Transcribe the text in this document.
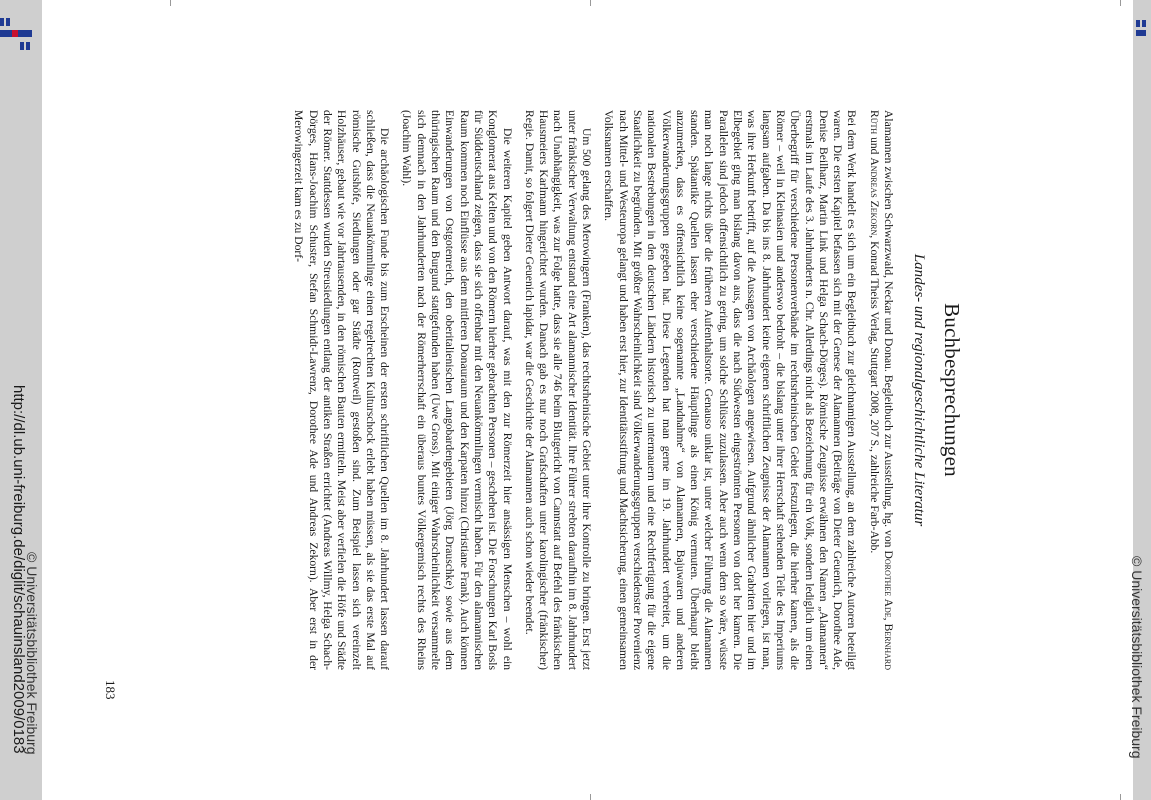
http://dl.ub.uni-freiburg.de/diglit/schauinsland2009/0183
© Universitätsbibliothek Freiburg	© Universitätsbibliothek Freiburg
Buchbesprechungen
Landes- und regionalgeschichtliche Literatur

Alamannen zwischen Schwarzwald, Neckar und Donau. Begleitbuch zur Ausstellung, hg. von Dorothee Ade, Bernhard Rüth und Andreas Zekorn, Konrad Theiss Verlag, Stuttgart 2008, 207 S., zahlreiche Farb-Abb.

Bei dem Werk handelt es sich um ein Begleitbuch zur gleichnamigen Ausstellung, an dem zahlreiche Autoren beteiligt waren. Die ersten Kapitel befassen sich mit der Genese der Alamannen (Beiträge von Dieter Geuenich, Dorothee Ade, Denise Beilharz, Martin Link und Helga Schach-Dörges). Römische Zeugnisse erwähnen den Namen „Alamannen“ erstmals im Laufe des 3. Jahrhunderts n. Chr. Allerdings nicht als Bezeichnung für ein Volk, sondern lediglich um einen Überbegriff für verschiedene Personenverbände im rechtsrheinischen Gebiet festzulegen, die hierher kamen, als die Römer – weil in Kleinasien und anderswo bedroht – die bislang unter ihrer Herrschaft stehenden Teile des Imperiums langsam aufgaben. Da bis ins 8. Jahrhundert keine eigenen schriftlichen Zeugnisse der Alamannen vorliegen, ist man, was ihre Herkunft betrifft, auf die Aussagen von Archäologen angewiesen. Aufgrund ähnlicher Grabriten hier und im Elbegebiet ging man bislang davon aus, dass die nach Südwesten eingeströmten Personen von dort her kamen. Die Parallelen sind jedoch offensichtlich zu gering, um solche Schlüsse zuzulassen. Aber auch wenn dem so wäre, wüsste man noch lange nichts über die früheren Aufenthaltsorte. Genauso unklar ist, unter welcher Führung die Alamannen standen. Spätantike Quellen lassen eher verschiedene Häuptlinge als einen König vermuten. Überhaupt bleibt anzumerken, dass es offensichtlich keine sogenannte „Landnahme“ von Alamannen, Bajuwaren und anderen Völkerwanderungsgruppen gegeben hat. Diese Legenden hat man gerne im 19. Jahrhundert verbreitet, um die nationalen Bestrebungen in den deutschen Ländern historisch zu untermauern und eine Rechtfertigung für die eigene Staatlichkeit zu begründen. Mit größter Wahrscheinlichkeit sind Völkerwanderungsgruppen verschiedenster Provenienz nach Mittel- und Westeuropa gelangt und haben erst hier, zur Identitätsstiftung und Machtsicherung, einen gemeinsamen Volksnamen erschaffen.

Um 500 gelang des Merowingern (Franken), das rechtsrheinische Gebiet unter ihre Kontrolle zu bringen. Erst jetzt unter fränkischer Verwaltung entstand eine Art alamannischer Identität. Ihre Führer strebten daraufhin im 8. Jahrhundert nach Unabhängigkeit, was zur Folge hatte, dass sie alle 746 beim Blutgericht von Cannstatt auf Befehl des fränkischen Hausmeiers Karlmann hingerichtet wurden. Danach gab es nur noch Grafschaften unter karolingischer (fränkischer) Regie. Damit, so folgert Dieter Geuenich lapidar, war die Geschichte der Alamannen auch schon wieder beendet.

Die weiteren Kapitel geben Antwort darauf, was mit den zur Römerzeit hier ansässigen Menschen – wohl ein Konglomerat aus Kelten und von den Römern hierher gebrachten Personen – geschehen ist. Die Forschungen Karl Bosls für Süddeutschland zeigen, dass sie sich offenbar mit den Neuankömmlingen vermischt haben. Für den alamannischen Raum kommen noch Einflüsse aus dem mittleren Donauraum und den Karpaten hinzu (Christiane Frank). Auch können Einwanderungen von Ostgotenreich, den oberitalienischen Langobardengebieten (Jörg Drauschke) sowie aus dem thüringischen Raum und den Burgund stattgefunden haben (Uwe Gross). Mit einiger Wahrscheinlichkeit versammelte sich demnach in den Jahrhunderten nach der Römerherrschaft ein überaus buntes Völkergemisch rechts des Rheins (Joachim Wahl).

Die archäologischen Funde bis zum Erscheinen der ersten schriftlichen Quellen im 8. Jahrhundert lassen darauf schließen, dass die Neuankömmlinge einen regelrechten Kulturschock erlebt haben müssen, als sie das erste Mal auf römische Gutshöfe, Siedlungen oder gar Städte (Rottweil) gestoßen sind. Zum Beispiel lassen sich vereinzelt Holzhäuser, gebaut wie vor Jahrtausenden, in den römischen Bauten ermitteln. Meist aber verfielen die Höfe und Städte der Römer. Stattdessen wurden Streusiedlungen entlang der antiken Straßen errichtet (Andreas Willmy, Helga Schach-Dörges, Hans-Joachim Schuster, Stefan Schmidt-Lawrenz, Dorothee Ade und Andreas Zekorn). Aber erst in der Merowingerzeit kam es zu Dorf-

183
